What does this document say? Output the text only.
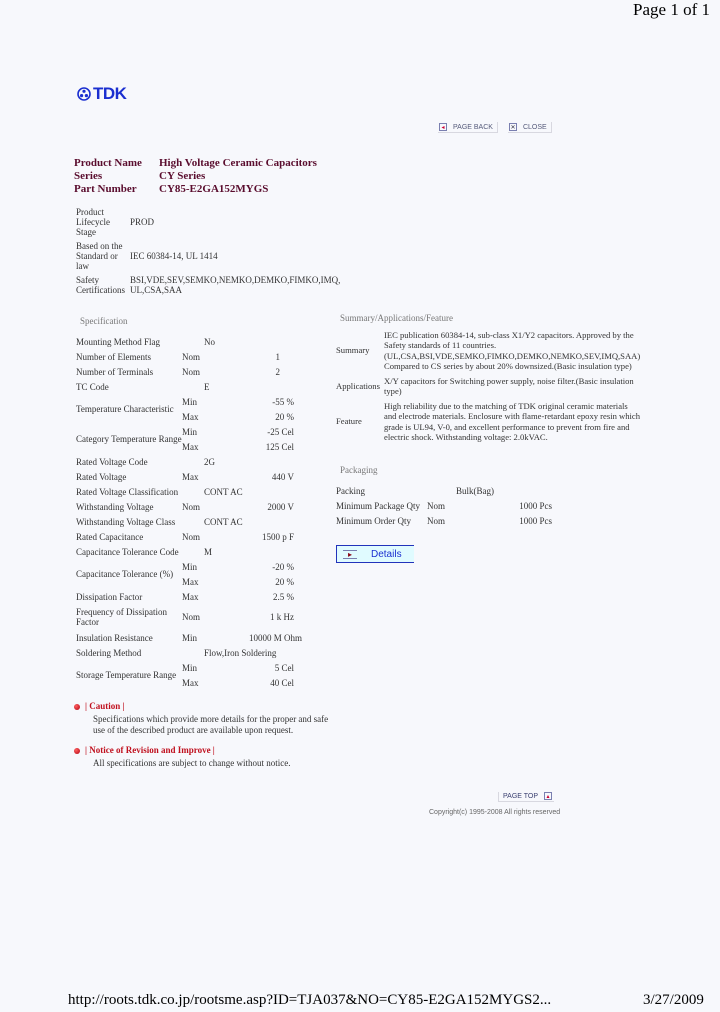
Page 1 of 1
TDK
◂	PAGE BACK	✕ CLOSE
Product Name	High Voltage Ceramic Capacitors
Series	CY Series
Part Number	CY85-E2GA152MYGS
Product Lifecycle Stage
PROD
Based on the Standard or law
IEC 60384-14, UL 1414
Safety Certifications
BSI,VDE,SEV,SEMKO,NEMKO,DEMKO,FIMKO,IMQ, UL,CSA,SAA
Specification
Mounting Method Flag	No
Number of Elements	Nom	1
Number of Terminals	Nom	2
TC Code	E
Temperature Characteristic
Min	-55 %
Max	20 %
Category Temperature Range
Min	-25 Cel
Max	125 Cel
Rated Voltage Code	2G
Rated Voltage	Max	440 V
Rated Voltage Classification	CONT AC
Withstanding Voltage	Nom	2000 V
Withstanding Voltage Class	CONT AC
Rated Capacitance	Nom	1500 p F
Capacitance Tolerance Code	M
Capacitance Tolerance (%)
Min	-20 %
Max	20 %
Dissipation Factor	Max	2.5 %
Frequency of Dissipation Factor	Nom	1 k Hz
Insulation Resistance	Min	10000 M Ohm
Soldering Method	Flow,Iron Soldering
Storage Temperature Range
Min	5 Cel
Max	40 Cel
Summary/Applications/Feature
Summary
IEC publication 60384-14, sub-class X1/Y2 capacitors. Approved by the Safety standards of 11 countries. (UL,CSA,BSI,VDE,SEMKO,FIMKO,DEMKO,NEMKO,SEV,IMQ,SAA) Compared to CS series by about 20% downsized.(Basic insulation type)
Applications
X/Y capacitors for Switching power supply, noise filter.(Basic insulation type)
Feature
High reliability due to the matching of TDK original ceramic materials and electrode materials. Enclosure with flame-retardant epoxy resin which grade is UL94, V-0, and excellent performance to prevent from fire and electric shock. Withstanding voltage: 2.0kVAC.
Packaging
Packing	Bulk(Bag)
Minimum Package Qty Nom	1000 Pcs
Minimum Order Qty	Nom	1000 Pcs
▸	Details
| Caution |
Specifications which provide more details for the proper and safe use of the described product are available upon request.
| Notice of Revision and Improve |
All specifications are subject to change without notice.
PAGE TOP	▴
Copyright(c) 1995-2008 All rights reserved
http://roots.tdk.co.jp/rootsme.asp?ID=TJA037&NO=CY85-E2GA152MYGS2...	3/27/2009
